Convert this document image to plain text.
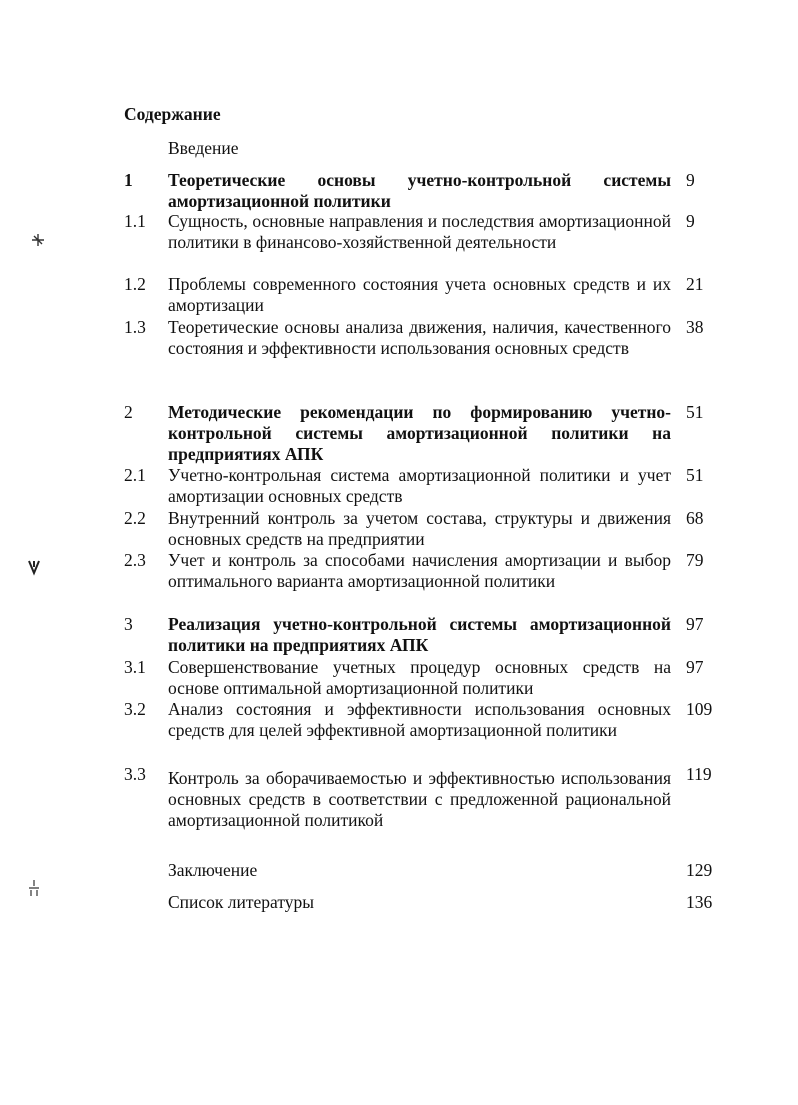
Содержание
Введение
1 Теоретические основы учетно-контрольной системы амортизационной политики
9
1.1 Сущность, основные направления и последствия амортизационной политики в финансово-хозяйственной деятельности
9
1.2 Проблемы современного состояния учета основных средств и их амортизации
21
1.3 Теоретические основы анализа движения, наличия, качественного состояния и эффективности использования основных средств
38
2 Методические рекомендации по формированию учетно-контрольной системы амортизационной политики на предприятиях АПК
51
2.1 Учетно-контрольная система амортизационной политики и учет амортизации основных средств
51
2.2 Внутренний контроль за учетом состава, структуры и движения основных средств на предприятии
68
2.3 Учет и контроль за способами начисления амортизации и выбор оптимального варианта амортизационной политики
79
3 Реализация учетно-контрольной системы амортизационной политики на предприятиях АПК
97
3.1 Совершенствование учетных процедур основных средств на основе оптимальной амортизационной политики
97
3.2 Анализ состояния и эффективности использования основных средств для целей эффективной амортизационной политики
109
3.3 Контроль за оборачиваемостью и эффективностью использования основных средств в соответствии с предложенной рациональной амортизационной политикой
119
Заключение	129
Список литературы	136
